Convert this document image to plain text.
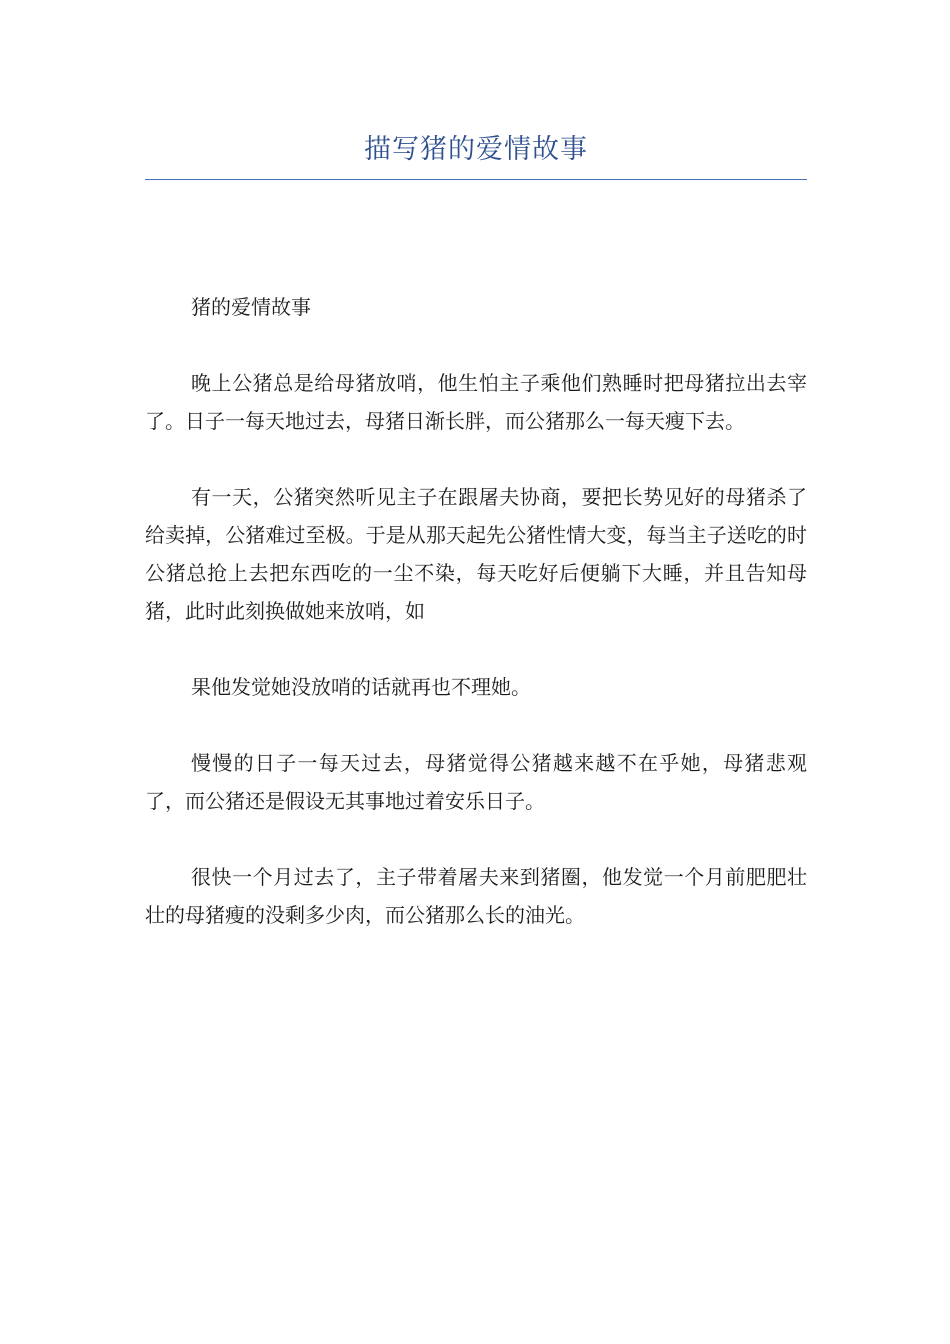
描写猪的爱情故事

猪的爱情故事

晚上公猪总是给母猪放哨，他生怕主子乘他们熟睡时把母猪拉出去宰了。日子一每天地过去，母猪日渐长胖，而公猪那么一每天瘦下去。

有一天，公猪突然听见主子在跟屠夫协商，要把长势见好的母猪杀了给卖掉，公猪难过至极。于是从那天起先公猪性情大变，每当主子送吃的时公猪总抢上去把东西吃的一尘不染，每天吃好后便躺下大睡，并且告知母猪，此时此刻换做她来放哨，如

果他发觉她没放哨的话就再也不理她。

慢慢的日子一每天过去，母猪觉得公猪越来越不在乎她，母猪悲观了，而公猪还是假设无其事地过着安乐日子。

很快一个月过去了，主子带着屠夫来到猪圈，他发觉一个月前肥肥壮壮的母猪瘦的没剩多少肉，而公猪那么长的油光。
